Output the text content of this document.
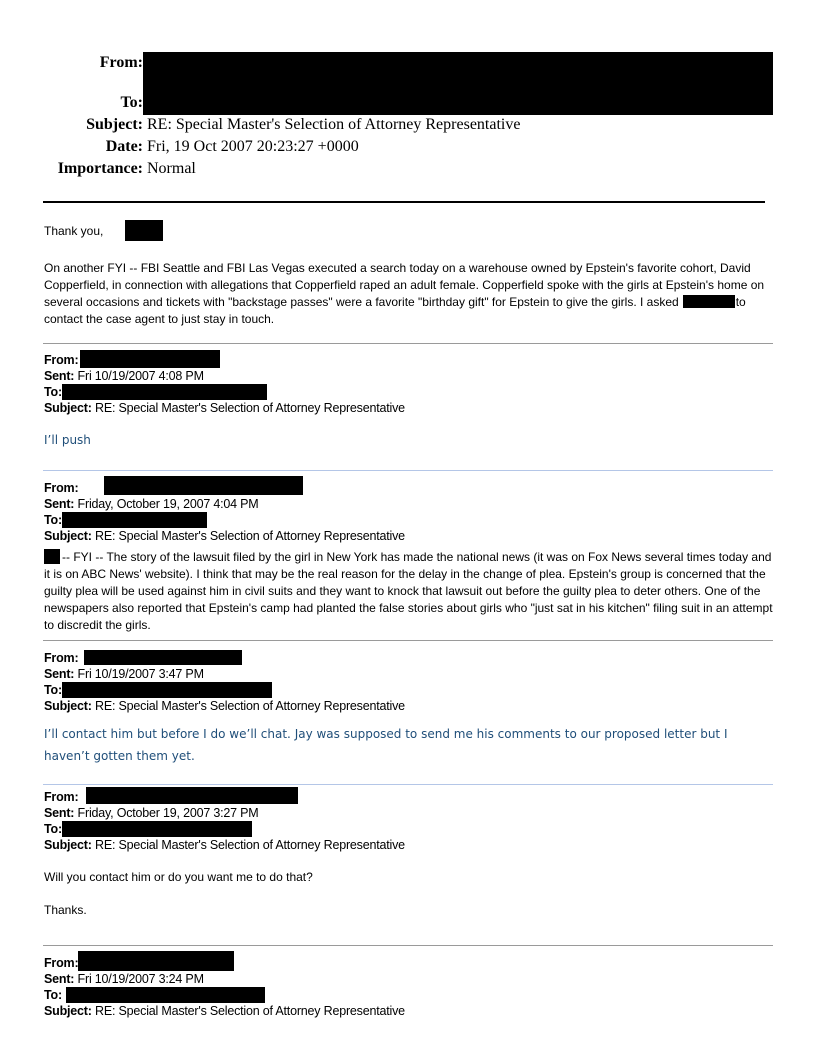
From:
To:
Subject: RE: Special Master's Selection of Attorney Representative
Date: Fri, 19 Oct 2007 20:23:27 +0000
Importance: Normal
Thank you,
On another FYI -- FBI Seattle and FBI Las Vegas executed a search today on a warehouse owned by Epstein's favorite cohort, David Copperfield, in connection with allegations that Copperfield raped an adult female. Copperfield spoke with the girls at Epstein's home on several occasions and tickets with "backstage passes" were a favorite "birthday gift" for Epstein to give the girls. I asked	to contact the case agent to just stay in touch.
From:
Sent: Fri 10/19/2007 4:08 PM
To:
Subject: RE: Special Master's Selection of Attorney Representative
I’ll push
From:
Sent: Friday, October 19, 2007 4:04 PM
To:
Subject: RE: Special Master's Selection of Attorney Representative
-- FYI -- The story of the lawsuit filed by the girl in New York has made the national news (it was on Fox News several times today and it is on ABC News' website). I think that may be the real reason for the delay in the change of plea. Epstein's group is concerned that the guilty plea will be used against him in civil suits and they want to knock that lawsuit out before the guilty plea to deter others. One of the newspapers also reported that Epstein's camp had planted the false stories about girls who "just sat in his kitchen" filing suit in an attempt to discredit the girls.
From:
Sent: Fri 10/19/2007 3:47 PM
To:
Subject: RE: Special Master's Selection of Attorney Representative
I’ll contact him but before I do we’ll chat. Jay was supposed to send me his comments to our proposed letter but I haven’t gotten them yet.
From:
Sent: Friday, October 19, 2007 3:27 PM
To:
Subject: RE: Special Master's Selection of Attorney Representative
Will you contact him or do you want me to do that?
Thanks.
From:
Sent: Fri 10/19/2007 3:24 PM
To:
Subject: RE: Special Master's Selection of Attorney Representative
